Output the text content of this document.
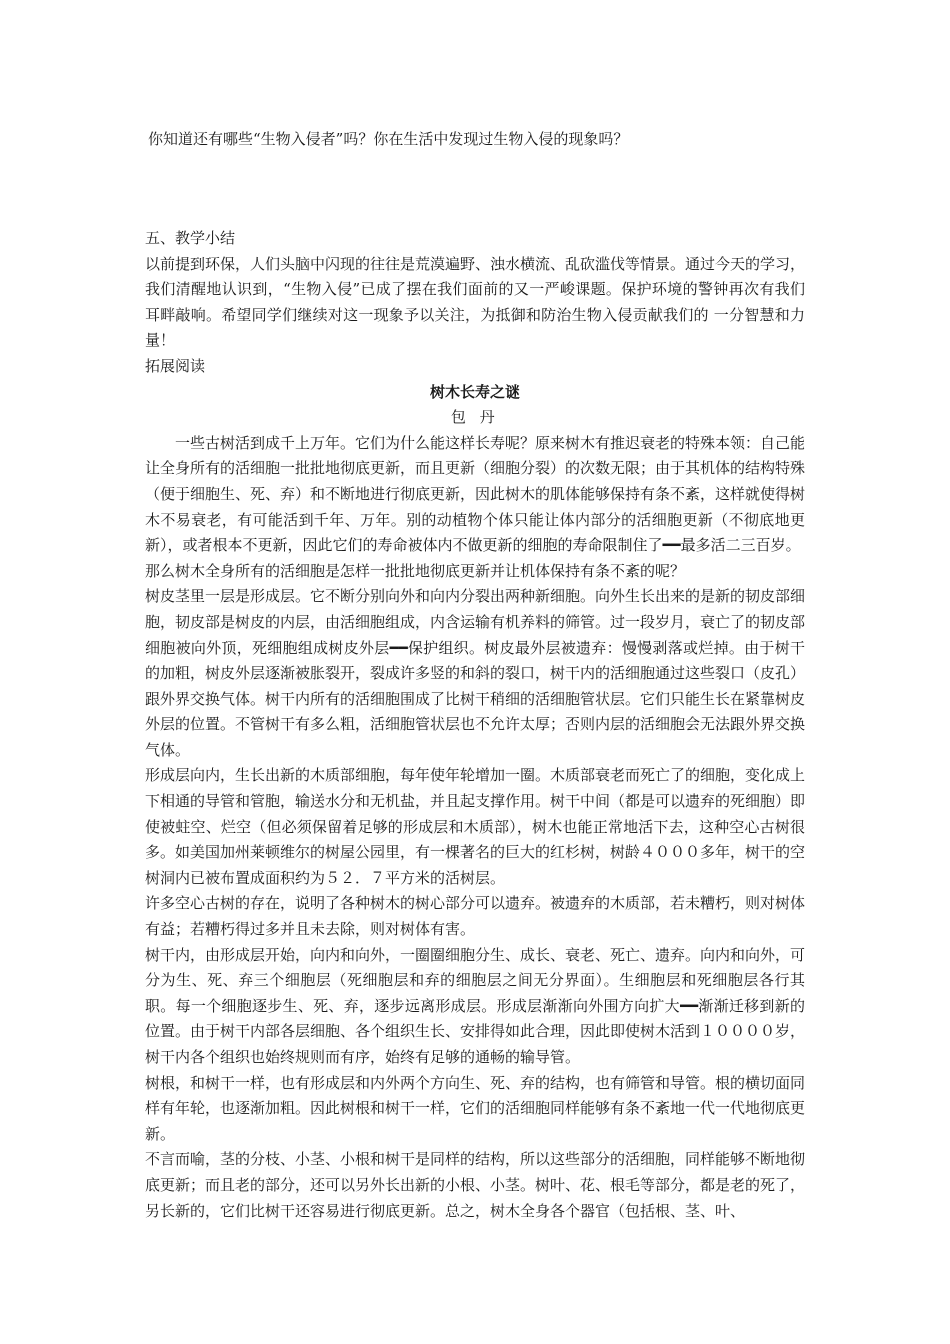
你知道还有哪些“生物入侵者”吗？你在生活中发现过生物入侵的现象吗？

五、教学小结

以前提到环保，人们头脑中闪现的往往是荒漠遍野、浊水横流、乱砍滥伐等情景。通过今天的学习，我们清醒地认识到，“生物入侵”已成了摆在我们面前的又一严峻课题。保护环境的警钟再次有我们耳畔敲响。希望同学们继续对这一现象予以关注，为抵御和防治生物入侵贡献我们的 一分智慧和力量！

拓展阅读

树木长寿之谜

包 丹

一些古树活到成千上万年。它们为什么能这样长寿呢？原来树木有推迟衰老的特殊本领：自己能让全身所有的活细胞一批批地彻底更新，而且更新（细胞分裂）的次数无限；由于其机体的结构特殊（便于细胞生、死、弃）和不断地进行彻底更新，因此树木的肌体能够保持有条不紊，这样就使得树木不易衰老，有可能活到千年、万年。别的动植物个体只能让体内部分的活细胞更新（不彻底地更新），或者根本不更新，因此它们的寿命被体内不做更新的细胞的寿命限制住了━━最多活二三百岁。

那么树木全身所有的活细胞是怎样一批批地彻底更新并让机体保持有条不紊的呢？

树皮茎里一层是形成层。它不断分别向外和向内分裂出两种新细胞。向外生长出来的是新的韧皮部细胞，韧皮部是树皮的内层，由活细胞组成，内含运输有机养料的筛管。过一段岁月，衰亡了的韧皮部细胞被向外顶，死细胞组成树皮外层━━保护组织。树皮最外层被遗弃：慢慢剥落或烂掉。由于树干的加粗，树皮外层逐渐被胀裂开，裂成许多竖的和斜的裂口，树干内的活细胞通过这些裂口（皮孔）跟外界交换气体。树干内所有的活细胞围成了比树干稍细的活细胞管状层。它们只能生长在紧靠树皮外层的位置。不管树干有多么粗，活细胞管状层也不允许太厚；否则内层的活细胞会无法跟外界交换气体。

形成层向内，生长出新的木质部细胞，每年使年轮增加一圈。木质部衰老而死亡了的细胞，变化成上下相通的导管和管胞，输送水分和无机盐，并且起支撑作用。树干中间（都是可以遗弃的死细胞）即使被蛀空、烂空（但必须保留着足够的形成层和木质部），树木也能正常地活下去，这种空心古树很多。如美国加州莱顿维尔的树屋公园里，有一棵著名的巨大的红杉树，树龄４０００多年，树干的空树洞内已被布置成面积约为５２．７平方米的活树层。

许多空心古树的存在，说明了各种树木的树心部分可以遗弃。被遗弃的木质部，若未糟朽，则对树体有益；若糟朽得过多并且未去除，则对树体有害。

树干内，由形成层开始，向内和向外，一圈圈细胞分生、成长、衰老、死亡、遗弃。向内和向外，可分为生、死、弃三个细胞层（死细胞层和弃的细胞层之间无分界面）。生细胞层和死细胞层各行其职。每一个细胞逐步生、死、弃，逐步远离形成层。形成层渐渐向外围方向扩大━━渐渐迁移到新的位置。由于树干内部各层细胞、各个组织生长、安排得如此合理，因此即使树木活到１００００岁，树干内各个组织也始终规则而有序，始终有足够的通畅的输导管。

树根，和树干一样，也有形成层和内外两个方向生、死、弃的结构，也有筛管和导管。根的横切面同样有年轮，也逐渐加粗。因此树根和树干一样，它们的活细胞同样能够有条不紊地一代一代地彻底更新。

不言而喻，茎的分枝、小茎、小根和树干是同样的结构，所以这些部分的活细胞，同样能够不断地彻底更新；而且老的部分，还可以另外长出新的小根、小茎。树叶、花、根毛等部分，都是老的死了，另长新的，它们比树干还容易进行彻底更新。总之，树木全身各个器官（包括根、茎、叶、
